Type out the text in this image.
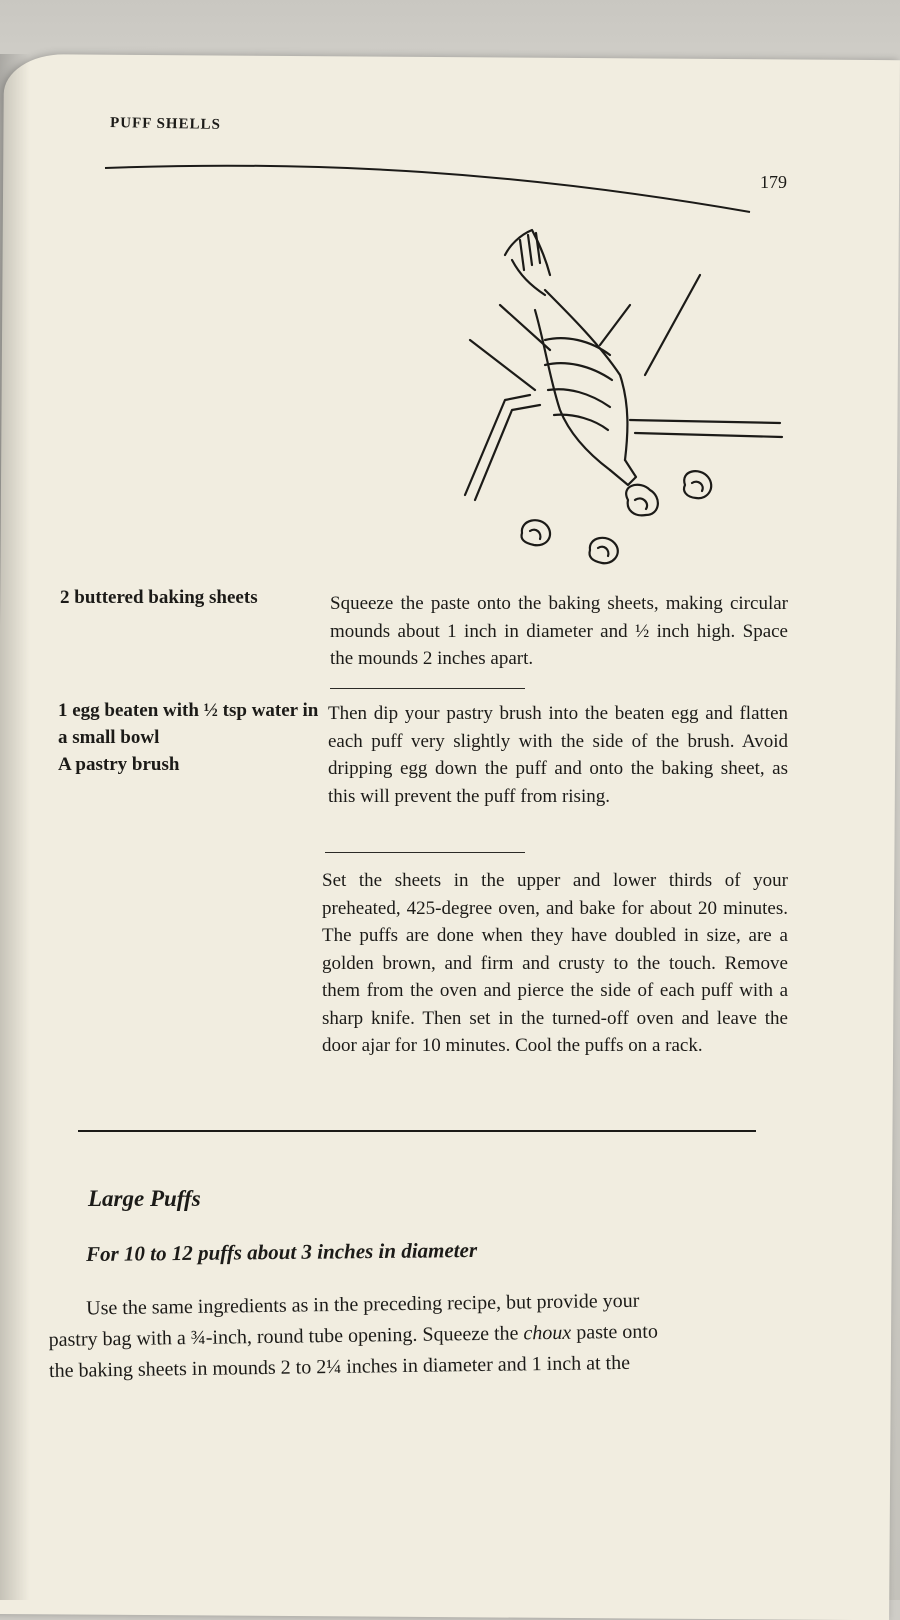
PUFF SHELLS
179
2 buttered baking sheets	Squeeze the paste onto the baking sheets, making circular mounds about 1 inch in diameter and ½ inch high. Space the mounds 2 inches apart.
1 egg beaten with ½ tsp water in a small bowl
A pastry brush
Then dip your pastry brush into the beaten egg and flatten each puff very slightly with the side of the brush. Avoid dripping egg down the puff and onto the baking sheet, as this will prevent the puff from rising.
Set the sheets in the upper and lower thirds of your preheated, 425-degree oven, and bake for about 20 minutes. The puffs are done when they have doubled in size, are a golden brown, and firm and crusty to the touch. Remove them from the oven and pierce the side of each puff with a sharp knife. Then set in the turned-off oven and leave the door ajar for 10 minutes. Cool the puffs on a rack.
Large Puffs
For 10 to 12 puffs about 3 inches in diameter
Use the same ingredients as in the preceding recipe, but provide your
pastry bag with a ¾-inch, round tube opening. Squeeze the choux paste onto
the baking sheets in mounds 2 to 2¼ inches in diameter and 1 inch at the
